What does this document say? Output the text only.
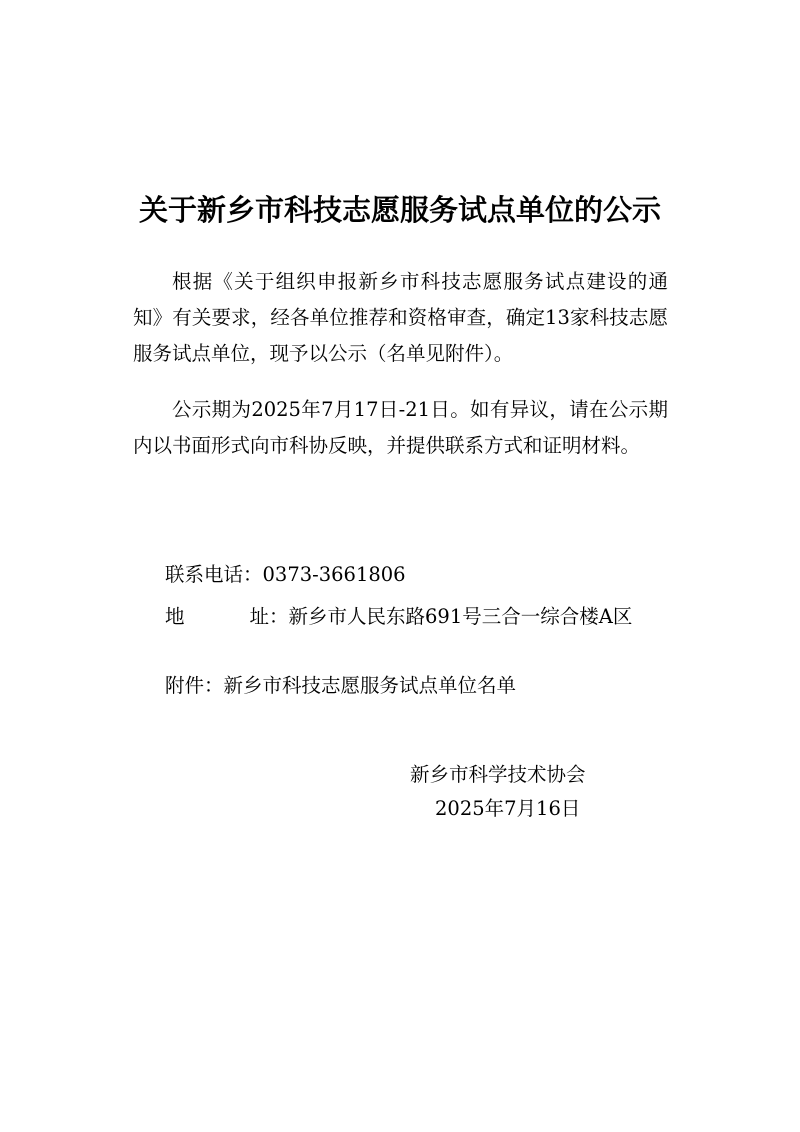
关于新乡市科技志愿服务试点单位的公示

根据《关于组织申报新乡市科技志愿服务试点建设的通知》有关要求，经各单位推荐和资格审查，确定13家科技志愿服务试点单位，现予以公示（名单见附件）。

公示期为2025年7月17日-21日。如有异议，请在公示期内以书面形式向市科协反映，并提供联系方式和证明材料。

联系电话：0373-3661806

地 址：新乡市人民东路691号三合一综合楼A区

附件：新乡市科技志愿服务试点单位名单

新乡市科学技术协会
2025年7月16日
